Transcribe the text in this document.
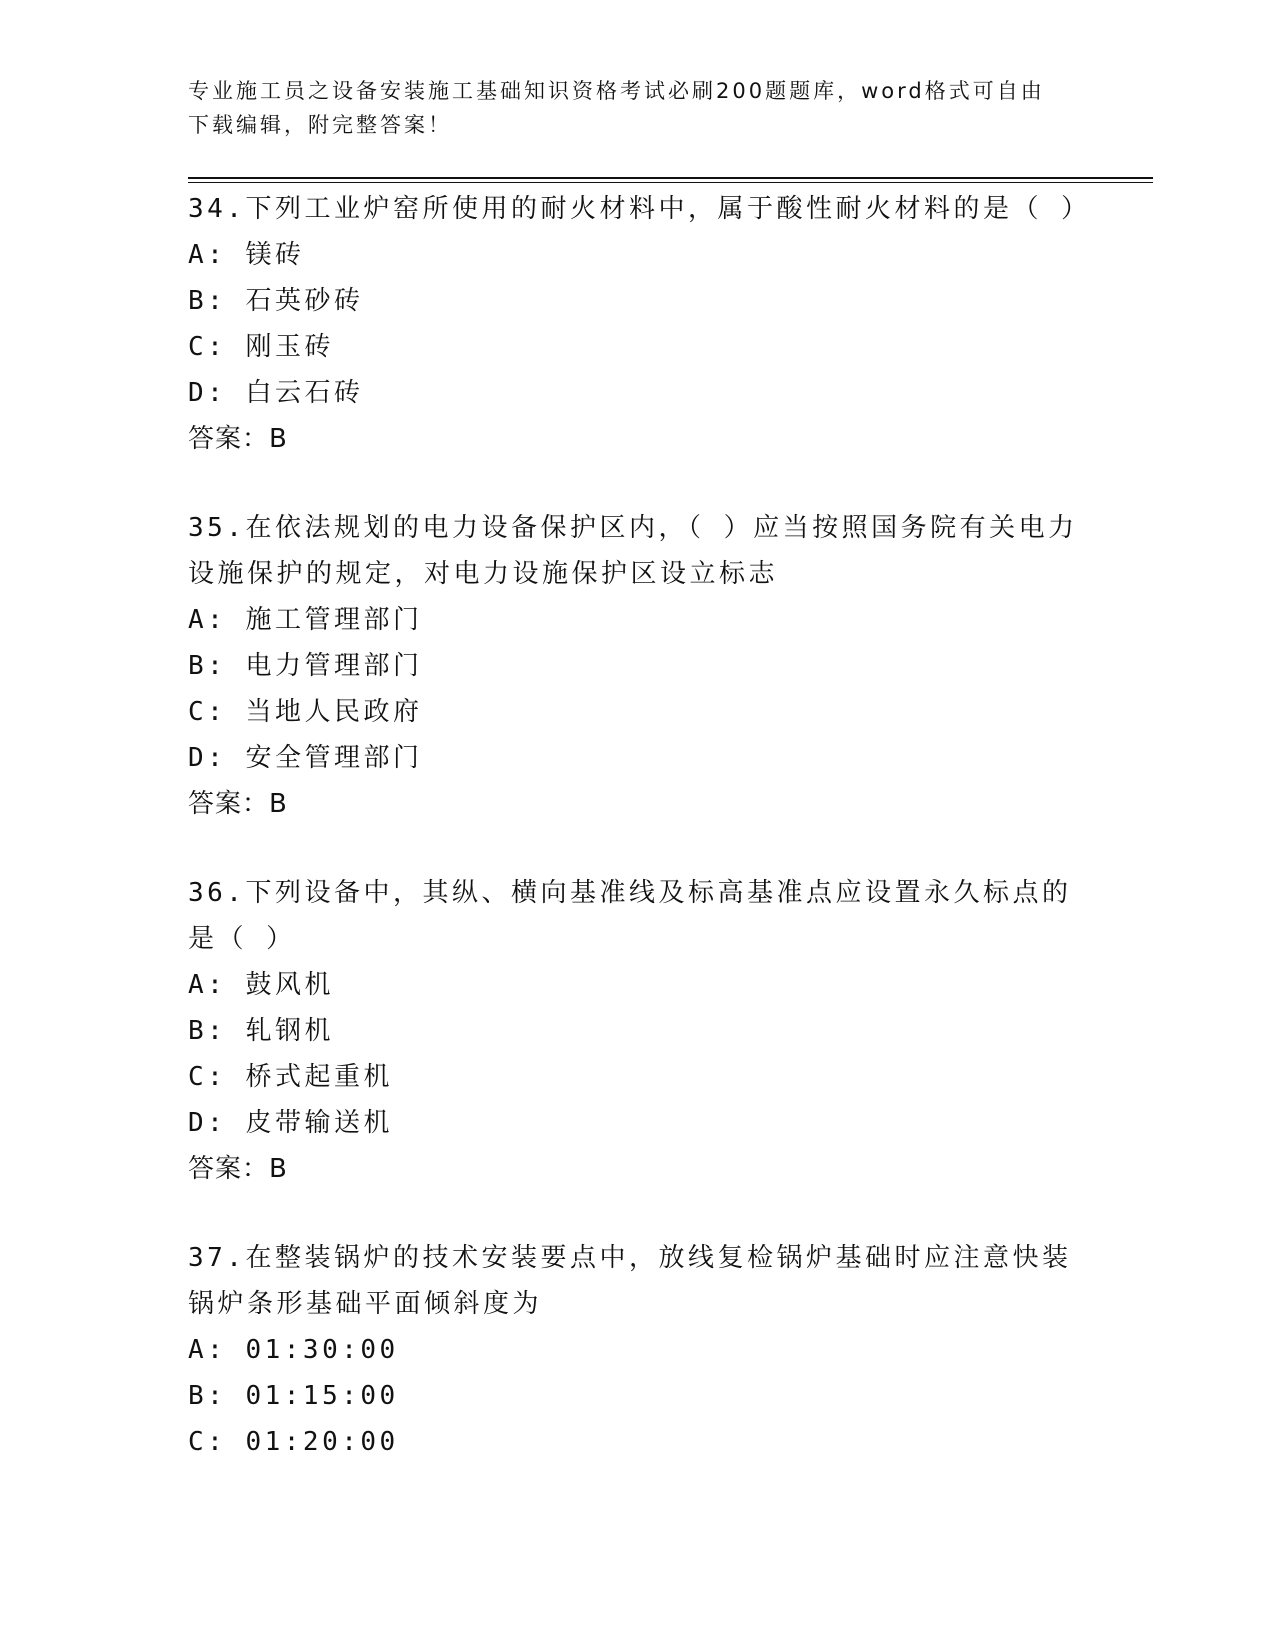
专业施工员之设备安装施工基础知识资格考试必刷200题题库，word格式可自由下载编辑，附完整答案！
34.下列工业炉窑所使用的耐火材料中，属于酸性耐火材料的是（ ）
A: 镁砖
B: 石英砂砖
C: 刚玉砖
D: 白云石砖
答案：B
35.在依法规划的电力设备保护区内，（ ）应当按照国务院有关电力设施保护的规定，对电力设施保护区设立标志
A: 施工管理部门
B: 电力管理部门
C: 当地人民政府
D: 安全管理部门
答案：B
36.下列设备中，其纵、横向基准线及标高基准点应设置永久标点的是（ ）
A: 鼓风机
B: 轧钢机
C: 桥式起重机
D: 皮带输送机
答案：B
37.在整装锅炉的技术安装要点中，放线复检锅炉基础时应注意快装锅炉条形基础平面倾斜度为
A: 01:30:00
B: 01:15:00
C: 01:20:00
